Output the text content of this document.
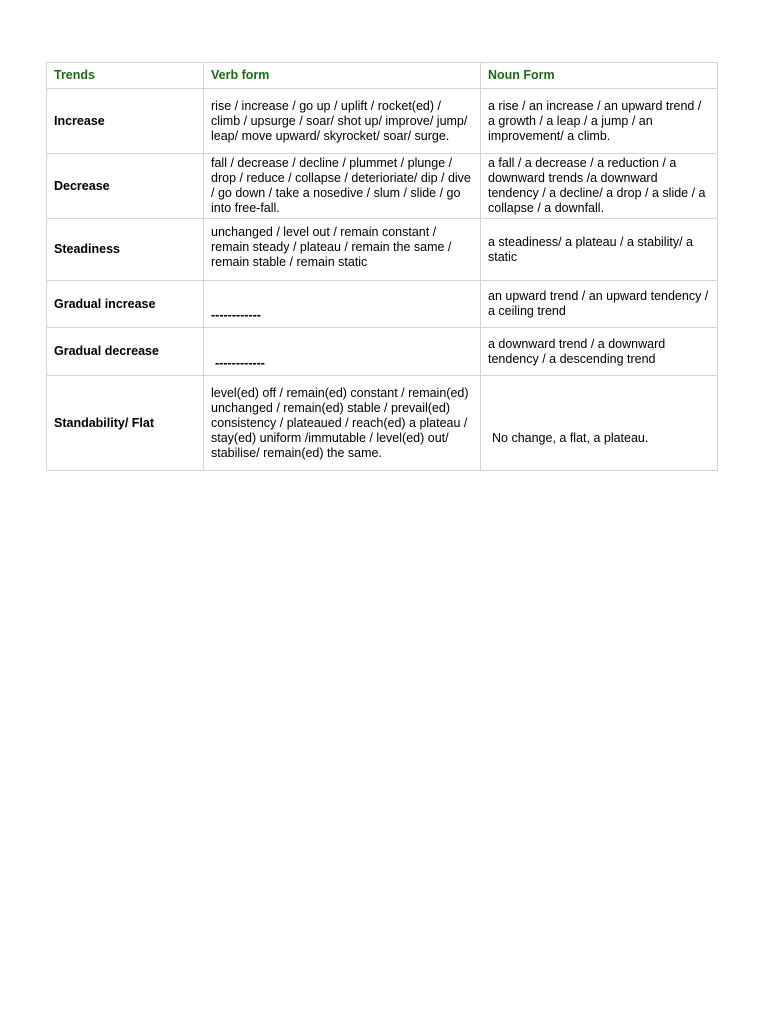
Trends	Verb form	Noun Form
Increase	rise / increase / go up / uplift / rocket(ed) / climb / upsurge / soar/ shot up/ improve/ jump/ leap/ move upward/ skyrocket/ soar/ surge.	a rise / an increase / an upward trend / a growth / a leap / a jump / an improvement/ a climb.
Decrease	fall / decrease / decline / plummet / plunge / drop / reduce / collapse / deterioriate/ dip / dive / go down / take a nosedive / slum / slide / go into free-fall.	a fall / a decrease / a reduction / a downward trends /a downward tendency / a decline/ a drop / a slide / a collapse / a downfall.
Steadiness	unchanged / level out / remain constant / remain steady / plateau / remain the same / remain stable / remain static	a steadiness/ a plateau / a stability/ a static
Gradual increase	------------	an upward trend / an upward tendency / a ceiling trend
Gradual decrease	------------	a downward trend / a downward tendency / a descending trend
Standability/ Flat	level(ed) off / remain(ed) constant / remain(ed) unchanged / remain(ed) stable / prevail(ed) consistency / plateaued / reach(ed) a plateau / stay(ed) uniform /immutable / level(ed) out/ stabilise/ remain(ed) the same.	No change, a flat, a plateau.
